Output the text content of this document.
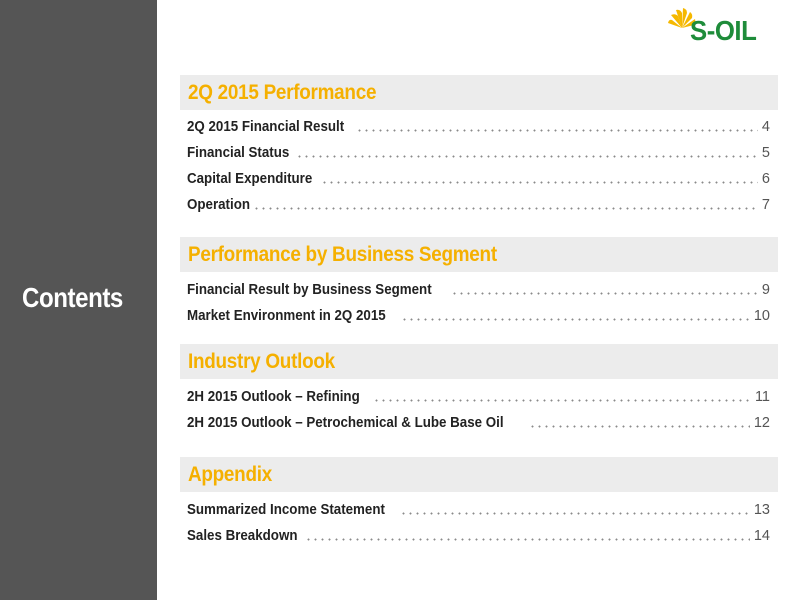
Contents
S-OIL
2Q 2015 Performance
2Q 2015 Financial Result	4
Financial Status	5
Capital Expenditure	6
Operation	7
Performance by Business Segment
Financial Result by Business Segment	9
Market Environment in 2Q 2015	10
Industry Outlook
2H 2015 Outlook – Refining	11
2H 2015 Outlook – Petrochemical & Lube Base Oil	12
Appendix
Summarized Income Statement	13
Sales Breakdown	14
